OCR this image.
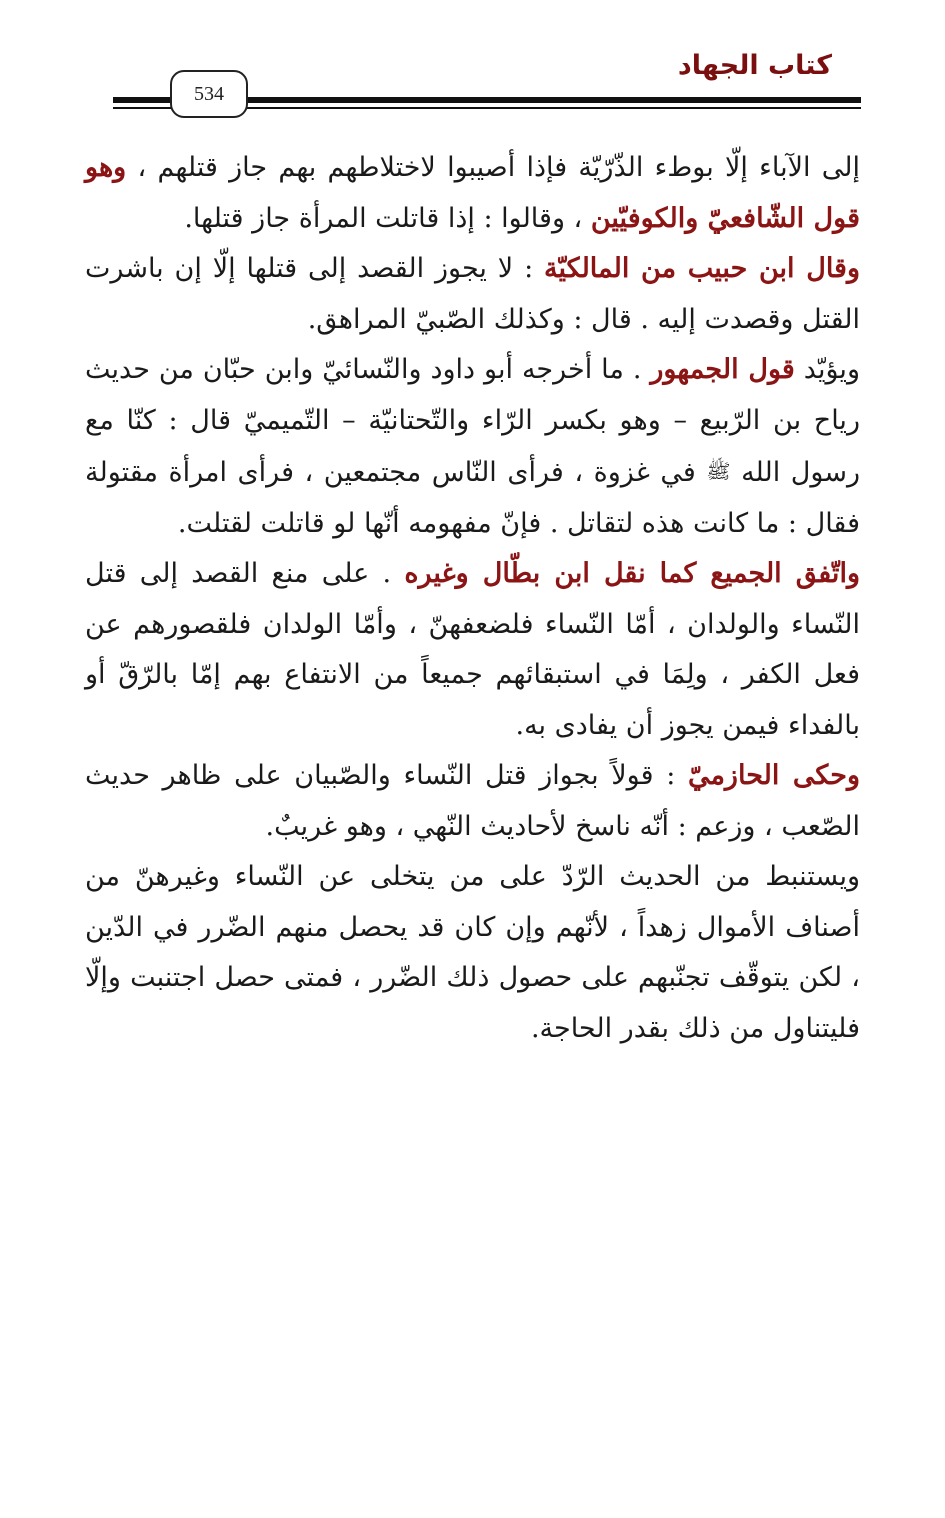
كتاب الجهاد
534

إلى الآباء إلّا بوطء الذّرّيّة فإذا أصيبوا لاختلاطهم بهم جاز قتلهم ، وهو قول الشّافعيّ والكوفيّين ، وقالوا : إذا قاتلت المرأة جاز قتلها.

وقال ابن حبيب من المالكيّة : لا يجوز القصد إلى قتلها إلّا إن باشرت القتل وقصدت إليه . قال : وكذلك الصّبيّ المراهق.

ويؤيّد قول الجمهور . ما أخرجه أبو داود والنّسائيّ وابن حبّان من حديث رياح بن الرّبيع – وهو بكسر الرّاء والتّحتانيّة – التّميميّ قال : كنّا مع رسول الله ﷺ في غزوة ، فرأى النّاس مجتمعين ، فرأى امرأة مقتولة فقال : ما كانت هذه لتقاتل . فإنّ مفهومه أنّها لو قاتلت لقتلت.

واتّفق الجميع كما نقل ابن بطّال وغيره . على منع القصد إلى قتل النّساء والولدان ، أمّا النّساء فلضعفهنّ ، وأمّا الولدان فلقصورهم عن فعل الكفر ، ولِمَا في استبقائهم جميعاً من الانتفاع بهم إمّا بالرّقّ أو بالفداء فيمن يجوز أن يفادى به.

وحكى الحازميّ : قولاً بجواز قتل النّساء والصّبيان على ظاهر حديث الصّعب ، وزعم : أنّه ناسخ لأحاديث النّهي ، وهو غريبٌ.

ويستنبط من الحديث الرّدّ على من يتخلى عن النّساء وغيرهنّ من أصناف الأموال زهداً ، لأنّهم وإن كان قد يحصل منهم الضّرر في الدّين ، لكن يتوقّف تجنّبهم على حصول ذلك الضّرر ، فمتى حصل اجتنبت وإلّا فليتناول من ذلك بقدر الحاجة.
